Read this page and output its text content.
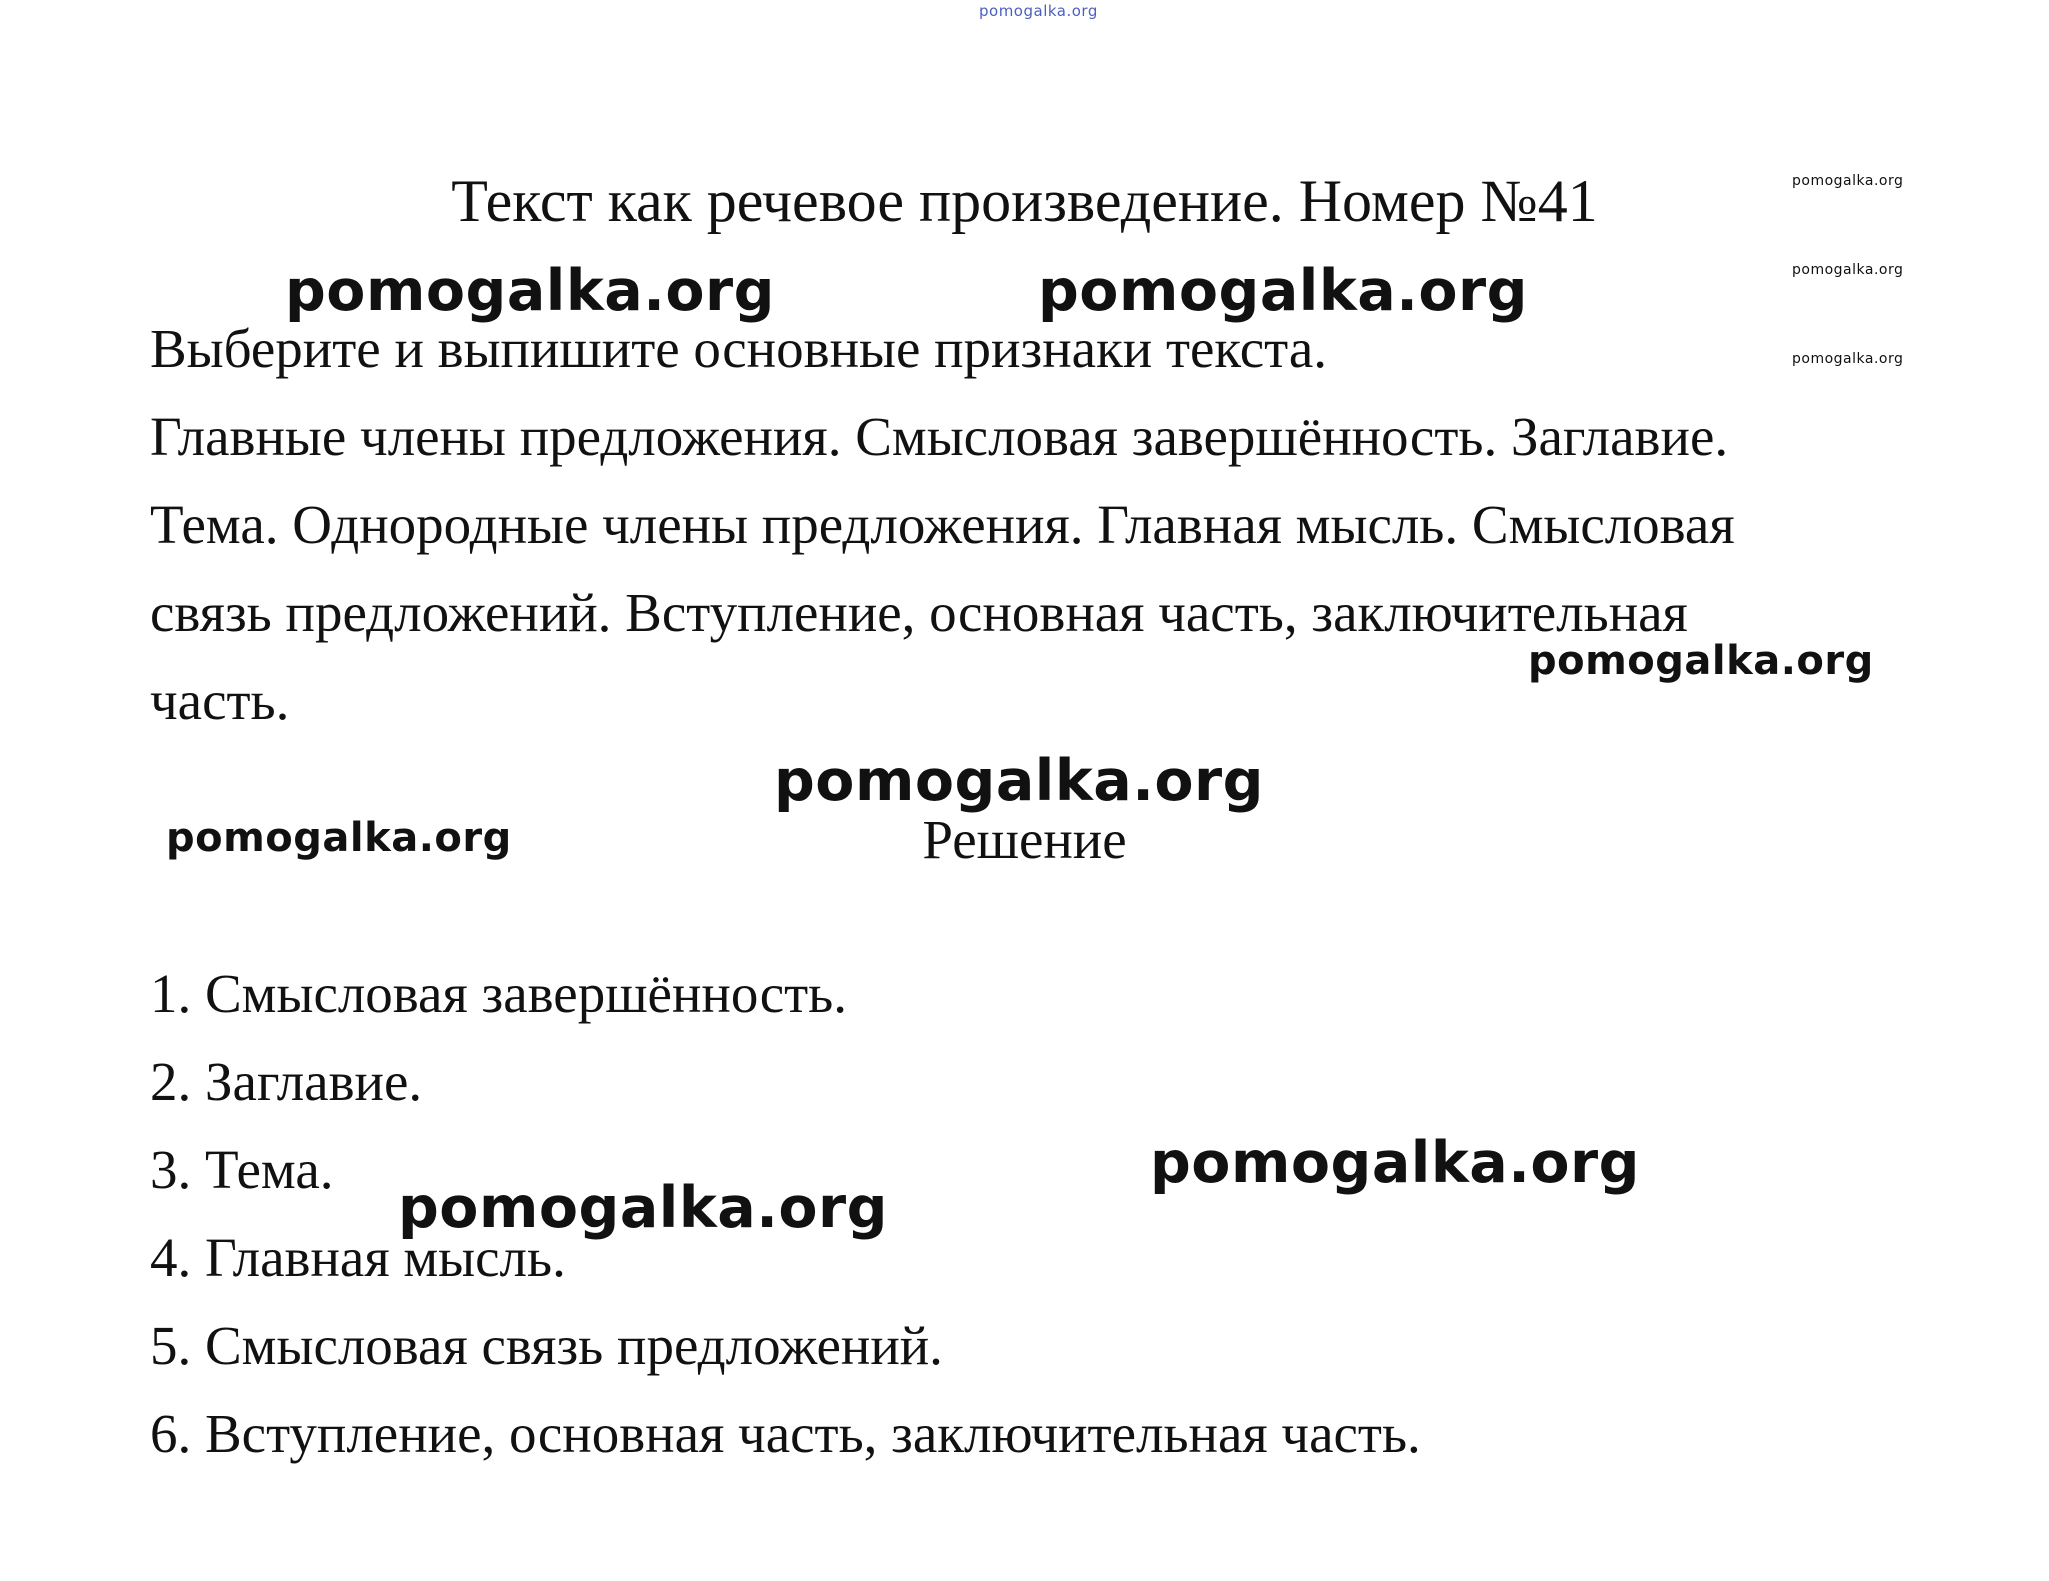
pomogalka.org
pomogalka.org
pomogalka.org
pomogalka.org
Текст как речевое произведение. Номер №41

Выберите и выпишите основные признаки текста.

Главные члены предложения. Смысловая завершённость. Заглавие.
Тема. Однородные члены предложения. Главная мысль. Смысловая
связь предложений. Вступление, основная часть, заключительная
часть.
pomogalka.org	pomogalka.org
pomogalka.org
pomogalka.org
pomogalka.org	Решение
1. Смысловая завершённость.
2. Заглавие.
3. Тема.
4. Главная мысль.
5. Смысловая связь предложений.
6. Вступление, основная часть, заключительная часть.
pomogalka.org
pomogalka.org
